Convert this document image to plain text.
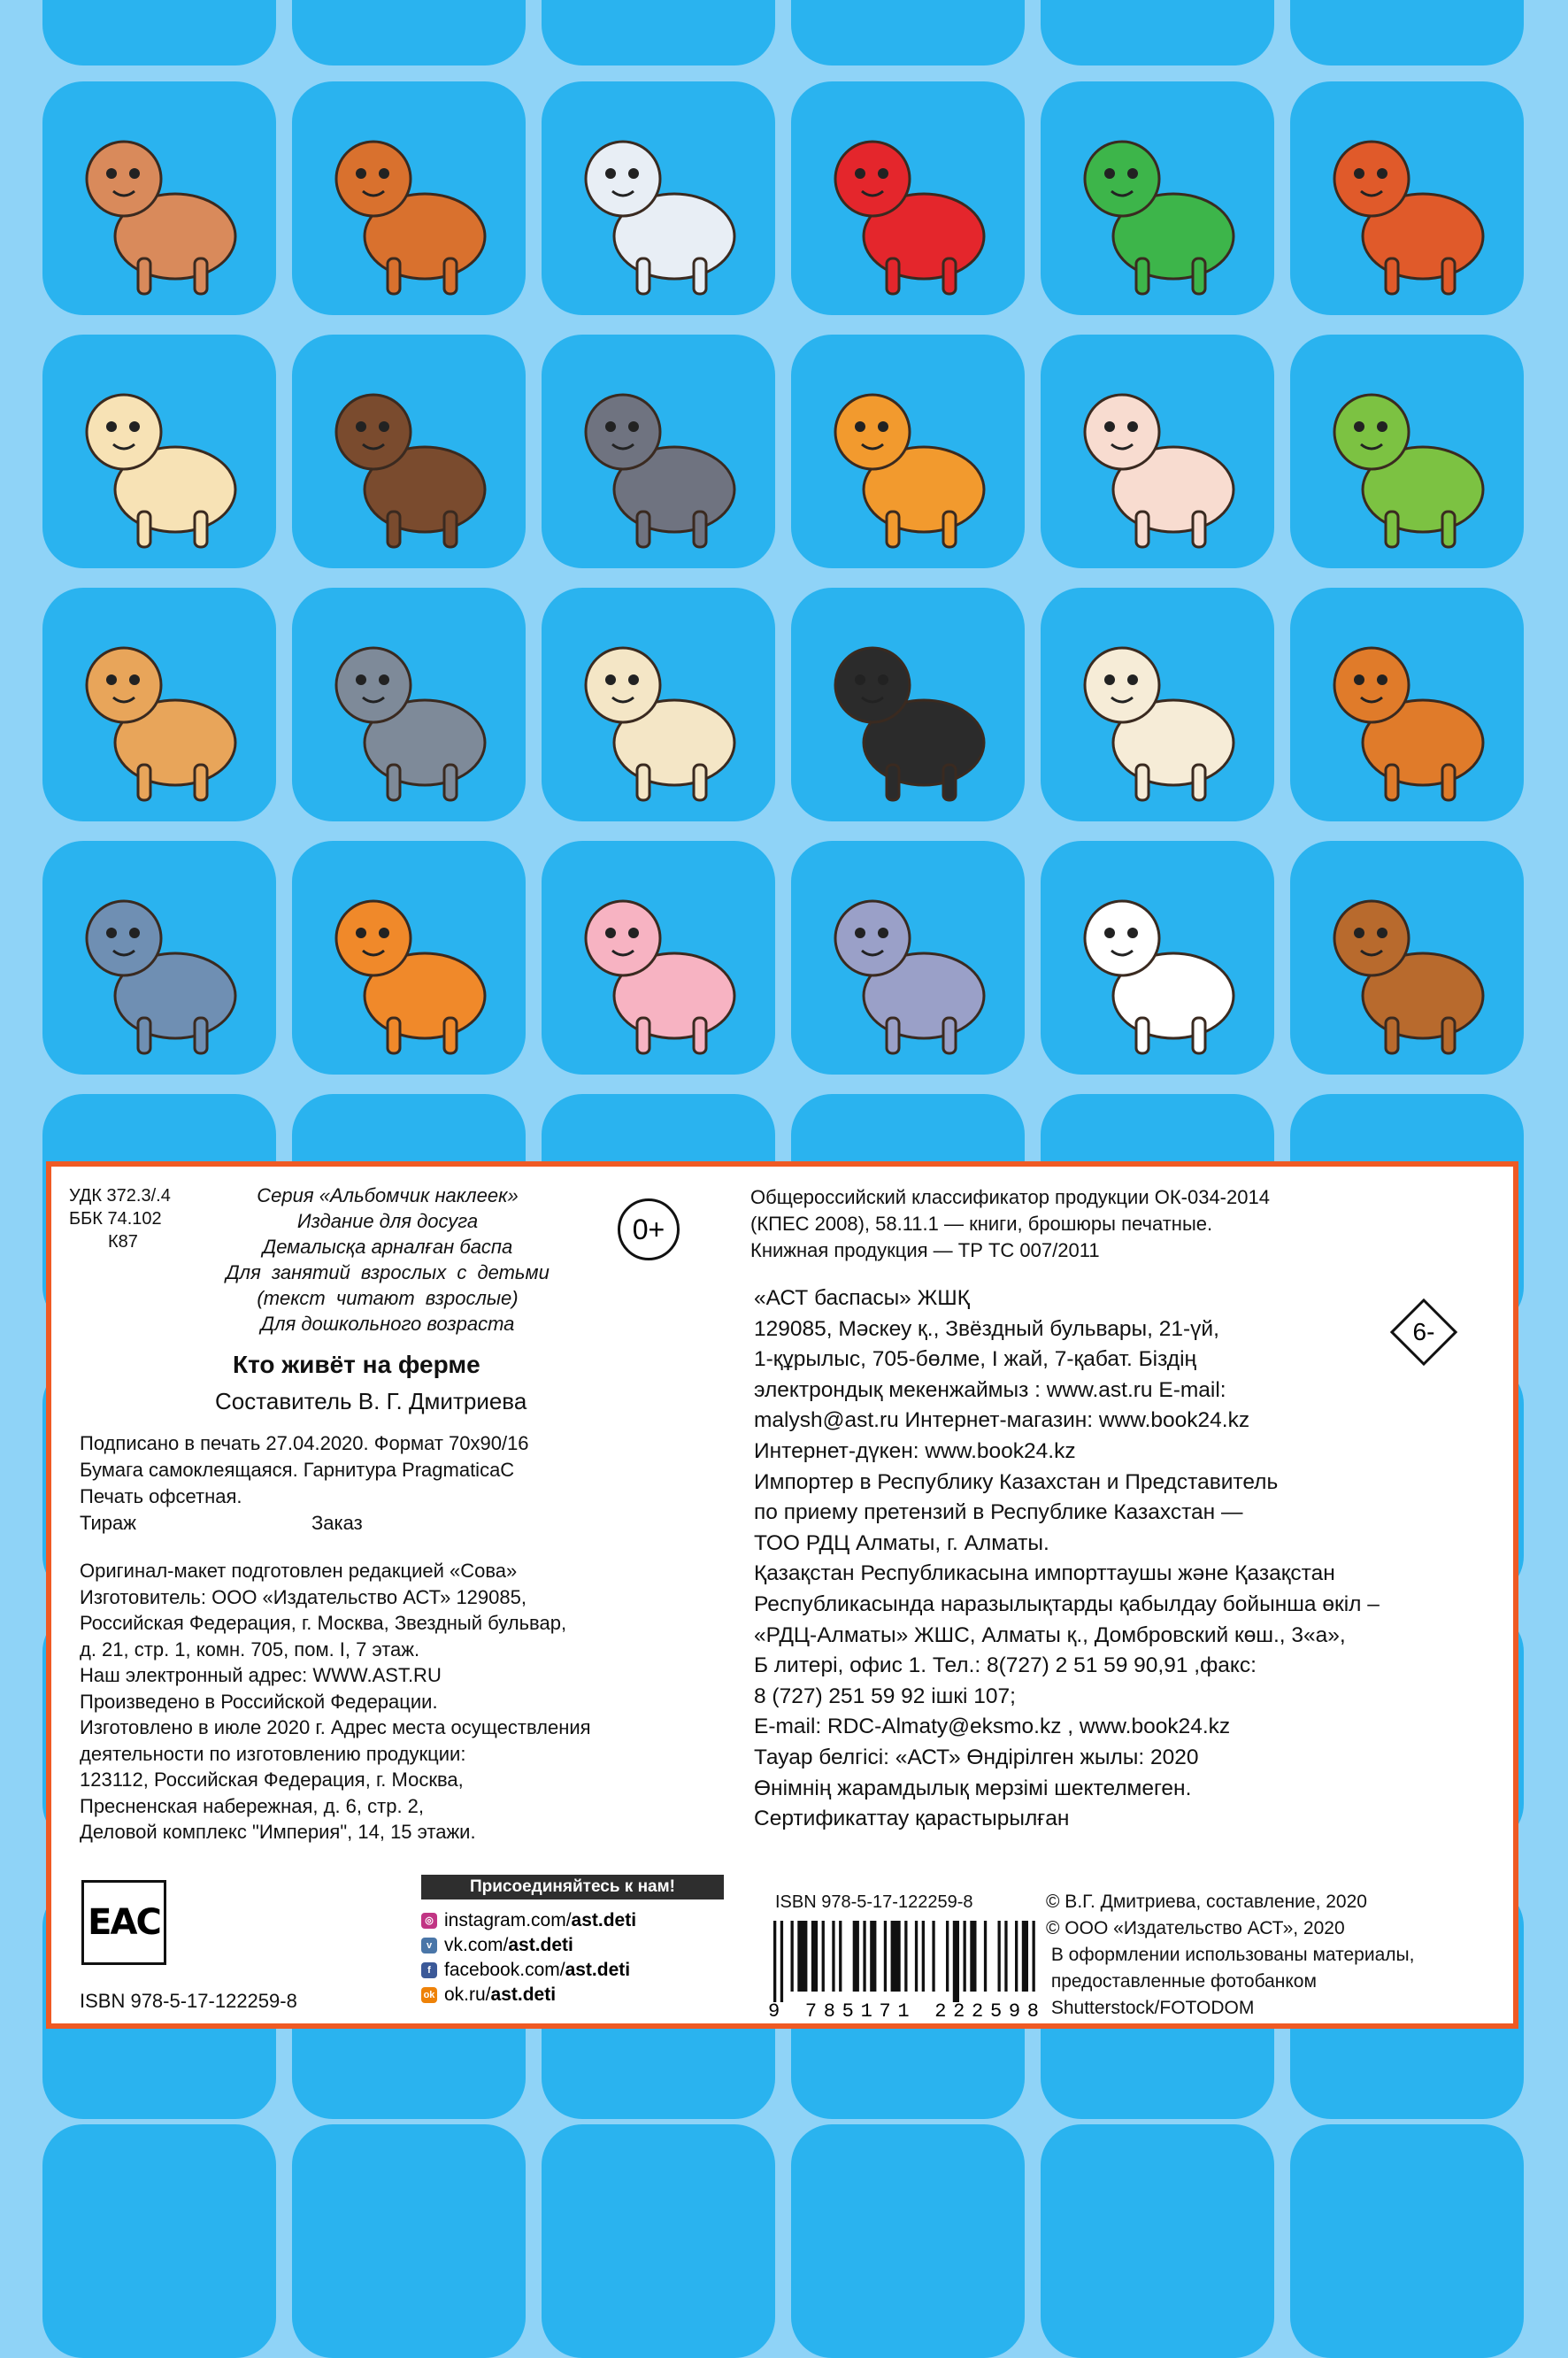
УДК 372.3/.4
ББК 74.102
К87
Серия «Альбомчик наклеек»
Издание для досуга
Демалысқа арналған баспа
Для занятий взрослых с детьми
(текст читают взрослые)
Для дошкольного возраста
0+
Кто живёт на ферме
Составитель В. Г. Дмитриева
Подписано в печать 27.04.2020. Формат 70х90/16
Бумага самоклеящаяся. Гарнитура PragmaticaC
Печать офсетная.
Тираж	Заказ
Оригинал-макет подготовлен редакцией «Сова»
Изготовитель: ООО «Издательство АСТ» 129085,
Российская Федерация, г. Москва, Звездный бульвар,
д. 21, стр. 1, комн. 705, пом. I, 7 этаж.
Наш электронный адрес: WWW.AST.RU
Произведено в Российской Федерации.
Изготовлено в июле 2020 г. Адрес места осуществления
деятельности по изготовлению продукции:
123112, Российская Федерация, г. Москва,
Пресненская набережная, д. 6, стр. 2,
Деловой комплекс "Империя", 14, 15 этажи.
EAC
ISBN 978-5-17-122259-8
Присоединяйтесь к нам!
◎ instagram.com/ ast.deti
v vk.com/ ast.deti
f facebook.com/ ast.deti
ok ok.ru/ ast.deti
Общероссийский классификатор продукции ОК-034-2014
(КПЕС 2008), 58.11.1 — книги, брошюры печатные.
Книжная продукция — ТР ТС 007/2011
«АСТ баспасы» ЖШҚ
129085, Мәскеу қ., Звёздный бульвары, 21-үй,
1-құрылыс, 705-бөлме, I жай, 7-қабат. Біздің
электрондық мекенжаймыз : www.ast.ru E-mail:
malysh@ast.ru Интернет-магазин: www.book24.kz
Интернет-дүкен: www.book24.kz
Импортер в Республику Казахстан и Представитель
по приему претензий в Республике Казахстан —
ТОО РДЦ Алматы, г. Алматы.
Қазақстан Республикасына импорттаушы және Қазақстан
Республикасында наразылықтарды қабылдау бойынша өкіл –
«РДЦ-Алматы» ЖШС, Алматы қ., Домбровский көш., 3«а»,
Б литері, офис 1. Тел.: 8(727) 2 51 59 90,91 ,факс:
8 (727) 251 59 92 ішкі 107;
E-mail: RDC-Almaty@eksmo.kz , www.book24.kz
Тауар белгісі: «АСТ» Өндірілген жылы: 2020
Өнімнің жарамдылық мерзімі шектелмеген.
Сертификаттау қарастырылған
6-
ISBN 978-5-17-122259-8
9 785171 222598
© В.Г. Дмитриева, составление, 2020
© ООО «Издательство АСТ», 2020
В оформлении использованы материалы,
предоставленные фотобанком
Shutterstock/FOTODOM
